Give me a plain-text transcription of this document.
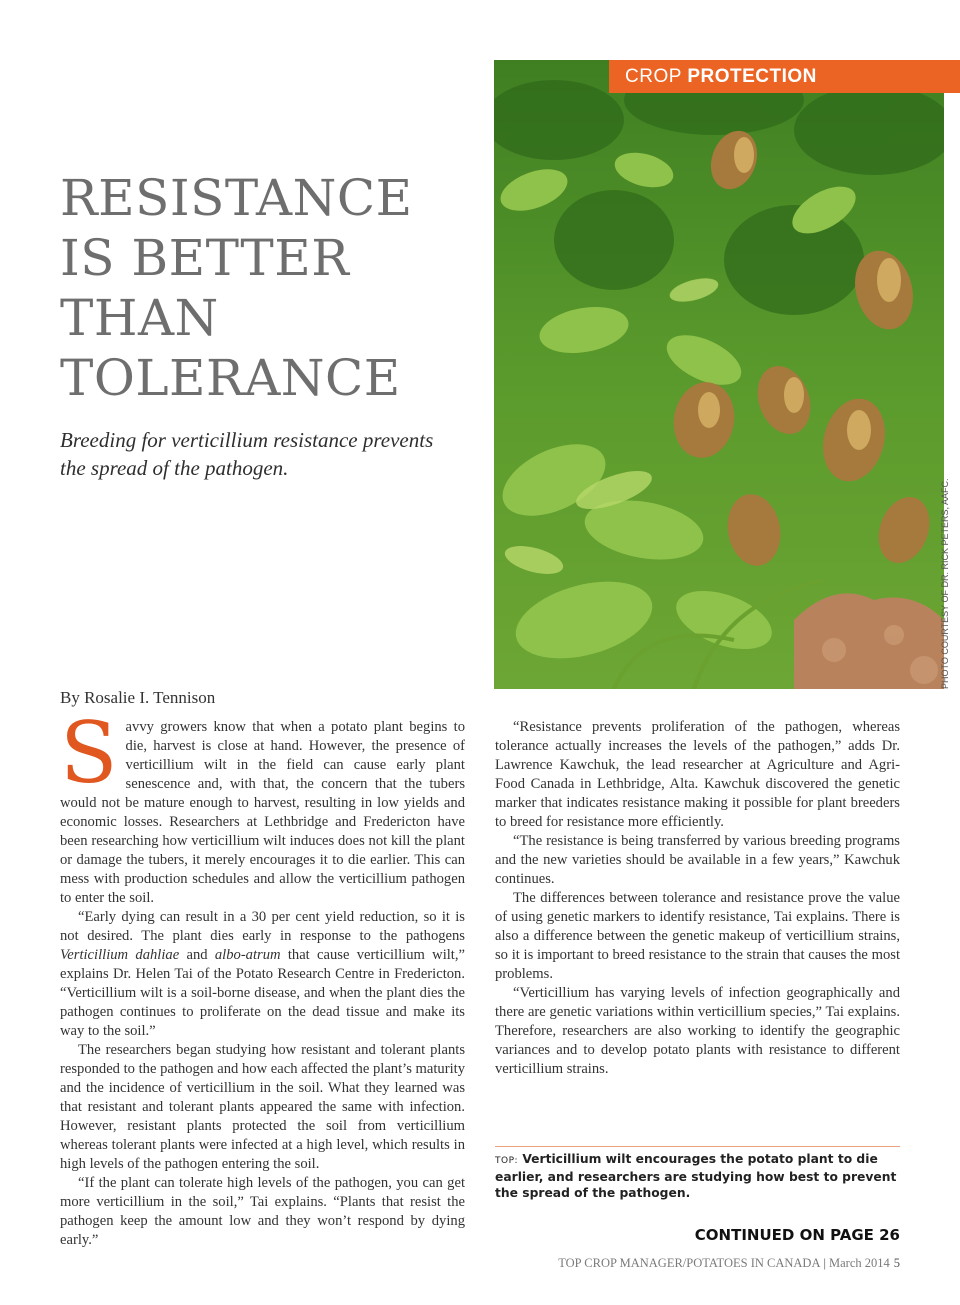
CROP PROTECTION
PHOTO COURTESY OF DR. RICK PETERS, AAFC.
RESISTANCE
IS BETTER
THAN
TOLERANCE

Breeding for verticillium resistance prevents the spread of the pathogen.

By Rosalie I. Tennison

Savvy growers know that when a potato plant begins to die, harvest is close at hand. However, the presence of verticillium wilt in the field can cause early plant senescence and, with that, the concern that the tubers would not be mature enough to harvest, resulting in low yields and economic losses. Researchers at Lethbridge and Fredericton have been researching how verticillium wilt induces does not kill the plant or damage the tubers, it merely encourages it to die earlier. This can mess with production schedules and allow the verticillium pathogen to enter the soil.

“Early dying can result in a 30 per cent yield reduction, so it is not desired. The plant dies early in response to the pathogens Verticillium dahliae and albo-atrum that cause verticillium wilt,” explains Dr. Helen Tai of the Potato Research Centre in Fredericton. “Verticillium wilt is a soil-borne disease, and when the plant dies the pathogen continues to proliferate on the dead tissue and make its way to the soil.”

The researchers began studying how resistant and tolerant plants responded to the pathogen and how each affected the plant’s maturity and the incidence of verticillium in the soil. What they learned was that resistant and tolerant plants appeared the same with infection. However, resistant plants protected the soil from verticillium whereas tolerant plants were infected at a high level, which results in high levels of the pathogen entering the soil.

“If the plant can tolerate high levels of the pathogen, you can get more verticillium in the soil,” Tai explains. “Plants that resist the pathogen keep the amount low and they won’t respond by dying early.”

“Resistance prevents proliferation of the pathogen, whereas tolerance actually increases the levels of the pathogen,” adds Dr. Lawrence Kawchuk, the lead researcher at Agriculture and Agri-Food Canada in Lethbridge, Alta. Kawchuk discovered the genetic marker that indicates resistance making it possible for plant breeders to breed for resistance more efficiently.

“The resistance is being transferred by various breeding programs and the new varieties should be available in a few years,” Kawchuk continues.

The differences between tolerance and resistance prove the value of using genetic markers to identify resistance, Tai explains. There is also a difference between the genetic makeup of verticillium strains, so it is important to breed resistance to the strain that causes the most problems.

“Verticillium has varying levels of infection geographically and there are genetic variations within verticillium species,” Tai explains. Therefore, researchers are also working to identify the geographic variances and to develop potato plants with resistance to different verticillium strains.

TOP: Verticillium wilt encourages the potato plant to die earlier, and researchers are studying how best to prevent the spread of the pathogen.
CONTINUED ON PAGE 26
TOP CROP MANAGER/POTATOES IN CANADA | March 2014 5
